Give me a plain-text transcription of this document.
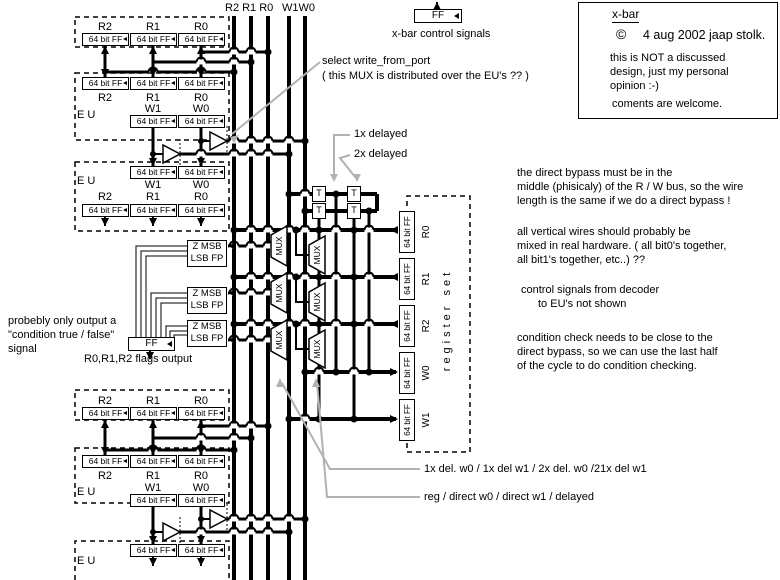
R2 R1 R0 W1W0
FF
x-bar control signals
x-bar
© 4 aug 2002 jaap stolk.
this is NOT a discussed
design, just my personal
opinion :-)
coments are welcome.
select write_from_port
( this MUX is distributed over the EU's ?? )
1x delayed
2x delayed
R2	R1	R0
64 bit FF	64 bit FF	64 bit FF
64 bit FF	64 bit FF	64 bit FF
R2	R1	R0
W1	W0
E U	64 bit FF	64 bit FF
64 bit FF	64 bit FF
W1	W0
E U
R2	R1	R0
64 bit FF	64 bit FF	64 bit FF
R2	R1	R0
64 bit FF	64 bit FF	64 bit FF
64 bit FF	64 bit FF	64 bit FF
R2	R1	R0
W1	W0
E U
64 bit FF	64 bit FF
64 bit FF	64 bit FF
E U
Z MSB
LSB FP
Z MSB
LSB FP
Z MSB
LSB FP
FF
R0,R1,R2 flags output
probebly only output a
"condition true / false"
signal
T	T
T	T
MUX
MUX
MUX
MUX
MUX
MUX
64 bit FF
64 bit FF
64 bit FF
64 bit FF
64 bit FF
R0
R1
R2
W0
W1
register set
1x del. w0 / 1x del w1 / 2x del. w0 /21x del w1
reg / direct w0 / direct w1 / delayed
the direct bypass must be in the
middle (phisicaly) of the R / W bus, so the wire
length is the same if we do a direct bypass !
all vertical wires should probably be
mixed in real hardware. ( all bit0's together,
all bit1's together, etc..) ??
control signals from decoder
to EU's not shown
condition check needs to be close to the
direct bypass, so we can use the last half
of the cycle to do condition checking.
